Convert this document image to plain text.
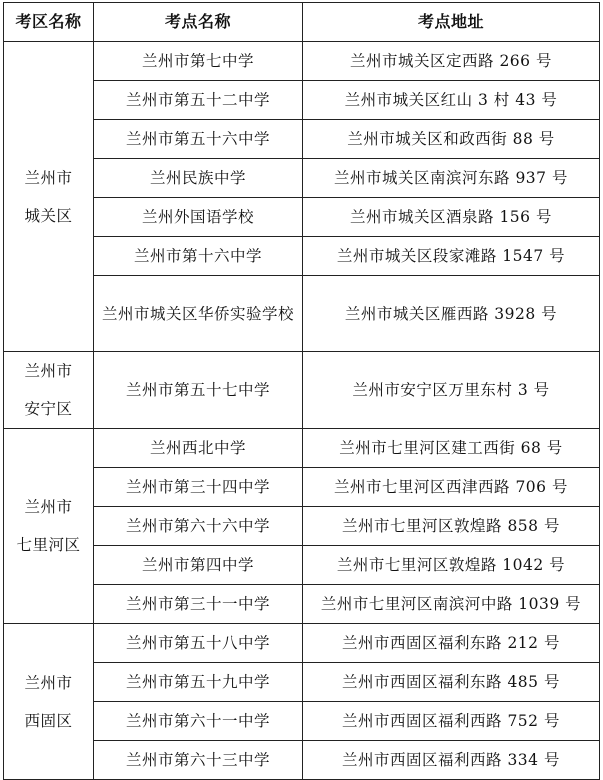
考区名称	考点名称	考点地址
兰州市
城关区	兰州市第七中学	兰州市城关区定西路 266 号
	兰州市第五十二中学	兰州市城关区红山 3 村 43 号
	兰州市第五十六中学	兰州市城关区和政西街 88 号
	兰州民族中学	兰州市城关区南滨河东路 937 号
	兰州外国语学校	兰州市城关区酒泉路 156 号
	兰州市第十六中学	兰州市城关区段家滩路 1547 号
	兰州市城关区华侨实验学校	兰州市城关区雁西路 3928 号

兰州市
安宁区	兰州市第五十七中学	兰州市安宁区万里东村 3 号
兰州市
七里河区	兰州西北中学	兰州市七里河区建工西街 68 号
	兰州市第三十四中学	兰州市七里河区西津西路 706 号
	兰州市第六十六中学	兰州市七里河区敦煌路 858 号
	兰州市第四中学	兰州市七里河区敦煌路 1042 号
	兰州市第三十一中学	兰州市七里河区南滨河中路 1039 号
兰州市
西固区	兰州市第五十八中学	兰州市西固区福利东路 212 号
	兰州市第五十九中学	兰州市西固区福利东路 485 号
	兰州市第六十一中学	兰州市西固区福利西路 752 号
	兰州市第六十三中学	兰州市西固区福利西路 334 号
